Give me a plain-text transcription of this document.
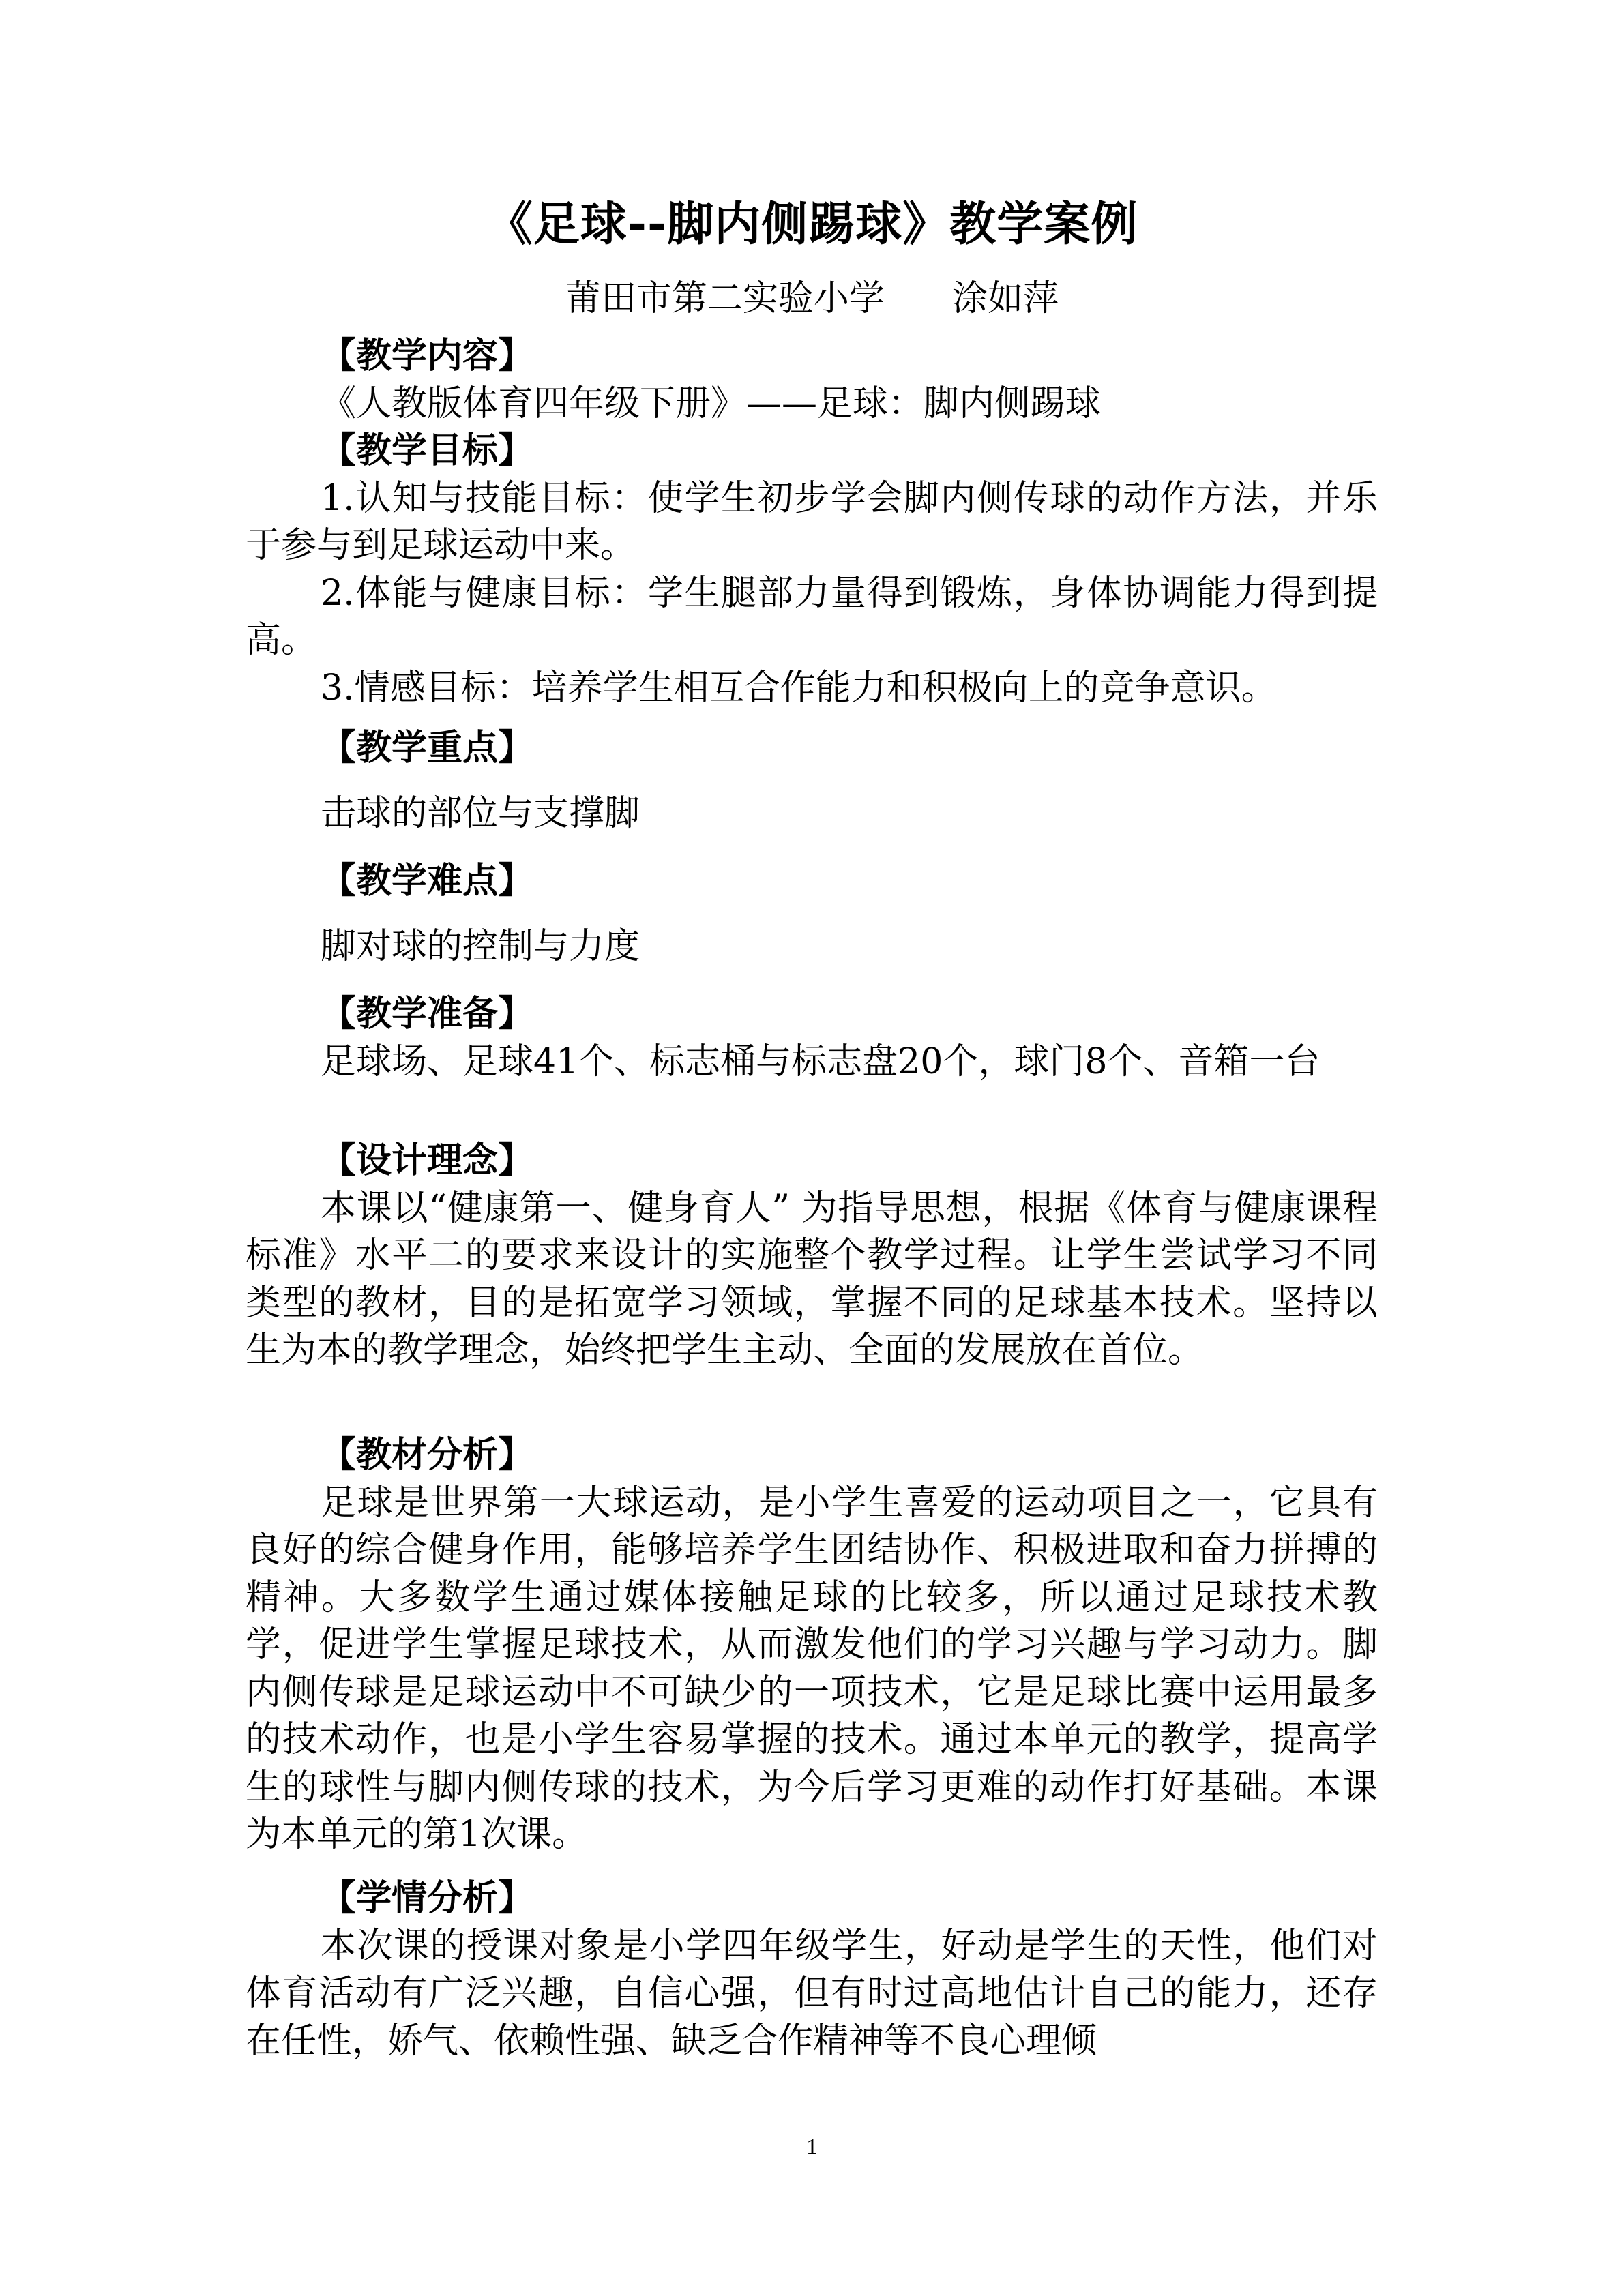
《足球--脚内侧踢球》教学案例
莆田市第二实验小学      涂如萍
【教学内容】
《人教版体育四年级下册》——足球：脚内侧踢球
【教学目标】

1.认知与技能目标：使学生初步学会脚内侧传球的动作方法，并乐于参与到足球运动中来。

2.体能与健康目标：学生腿部力量得到锻炼，身体协调能力得到提高。

3.情感目标：培养学生相互合作能力和积极向上的竞争意识。

【教学重点】
击球的部位与支撑脚
【教学难点】
脚对球的控制与力度
【教学准备】

足球场、足球41个、标志桶与标志盘20个，球门8个、音箱一台

【设计理念】

本课以“健康第一、健身育人” 为指导思想，根据《体育与健康课程标准》水平二的要求来设计的实施整个教学过程。让学生尝试学习不同类型的教材，目的是拓宽学习领域，掌握不同的足球基本技术。坚持以生为本的教学理念，始终把学生主动、全面的发展放在首位。

【教材分析】

足球是世界第一大球运动，是小学生喜爱的运动项目之一，它具有良好的综合健身作用，能够培养学生团结协作、积极进取和奋力拼搏的精神。大多数学生通过媒体接触足球的比较多，所以通过足球技术教学，促进学生掌握足球技术，从而激发他们的学习兴趣与学习动力。脚内侧传球是足球运动中不可缺少的一项技术，它是足球比赛中运用最多的技术动作，也是小学生容易掌握的技术。通过本单元的教学，提高学生的球性与脚内侧传球的技术，为今后学习更难的动作打好基础。本课为本单元的第1次课。

【学情分析】

本次课的授课对象是小学四年级学生，好动是学生的天性，他们对体育活动有广泛兴趣，自信心强，但有时过高地估计自己的能力，还存在任性，娇气、依赖性强、缺乏合作精神等不良心理倾

1
